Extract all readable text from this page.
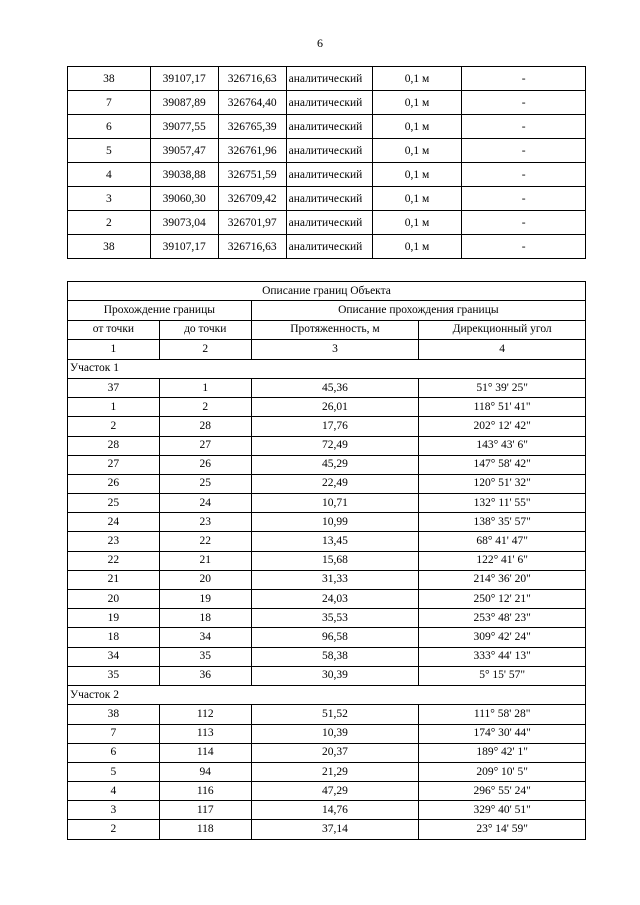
6
38	39107,17	326716,63	аналитический	0,1 м	-
7	39087,89	326764,40	аналитический	0,1 м	-
6	39077,55	326765,39	аналитический	0,1 м	-
5	39057,47	326761,96	аналитический	0,1 м	-
4	39038,88	326751,59	аналитический	0,1 м	-
3	39060,30	326709,42	аналитический	0,1 м	-
2	39073,04	326701,97	аналитический	0,1 м	-
38	39107,17	326716,63	аналитический	0,1 м	-
Описание границ Объекта			
Прохождение границы		Описание прохождения границы	
от точки	до точки	Протяженность, м	Дирекционный угол
1	2	3	4
Участок 1			
37	1	45,36	51° 39' 25"
1	2	26,01	118° 51' 41"
2	28	17,76	202° 12' 42"
28	27	72,49	143° 43' 6"
27	26	45,29	147° 58' 42"
26	25	22,49	120° 51' 32"
25	24	10,71	132° 11' 55"
24	23	10,99	138° 35' 57"
23	22	13,45	68° 41' 47"
22	21	15,68	122° 41' 6"
21	20	31,33	214° 36' 20"
20	19	24,03	250° 12' 21"
19	18	35,53	253° 48' 23"
18	34	96,58	309° 42' 24"
34	35	58,38	333° 44' 13"
35	36	30,39	5° 15' 57"
Участок 2			
38	112	51,52	111° 58' 28"
7	113	10,39	174° 30' 44"
6	114	20,37	189° 42' 1"
5	94	21,29	209° 10' 5"
4	116	47,29	296° 55' 24"
3	117	14,76	329° 40' 51"
2	118	37,14	23° 14' 59"
